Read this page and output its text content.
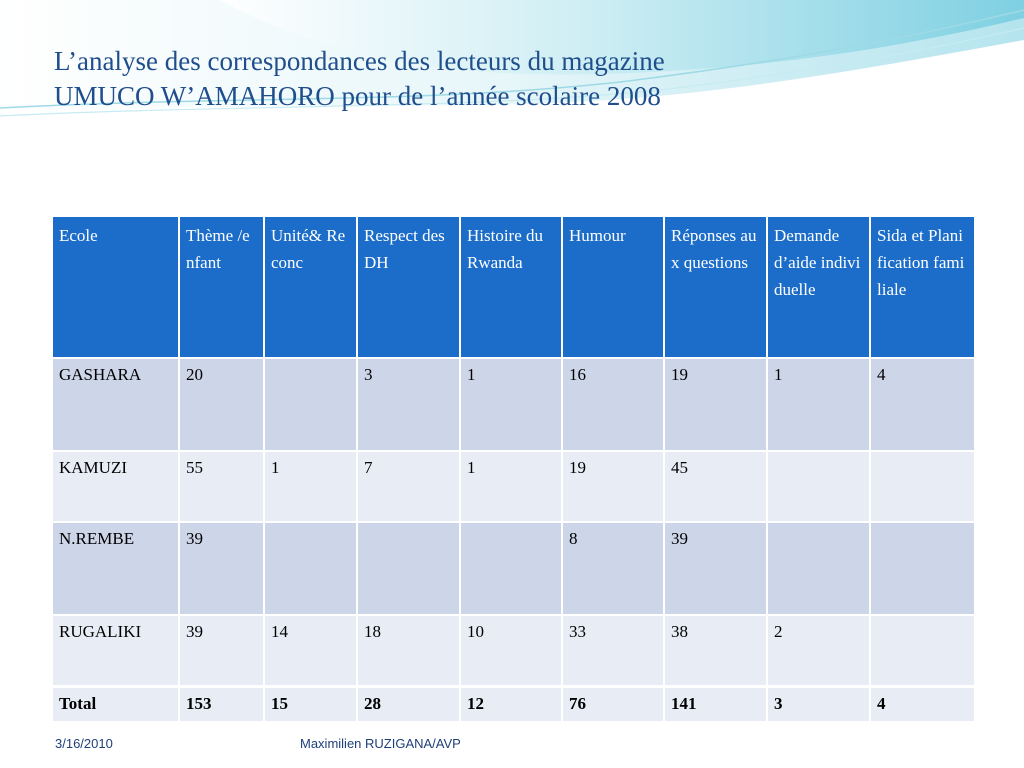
L’analyse des correspondances des lecteurs du magazine
UMUCO W’AMAHORO pour de l’année scolaire 2008
Ecole	Thème /enfant	Unité& Reconc	Respect des DH	Histoire du Rwanda	Humour	Réponses aux questions	Demande d’aide individuelle	Sida et Planification familiale
GASHARA	20		3	1	16	19	1	4
KAMUZI	55	1	7	1	19	45		
N.REMBE	39				8	39		
RUGALIKI	39	14	18	10	33	38	2	
Total	153	15	28	12	76	141	3	4
3/16/2010	Maximilien RUZIGANA/AVP
